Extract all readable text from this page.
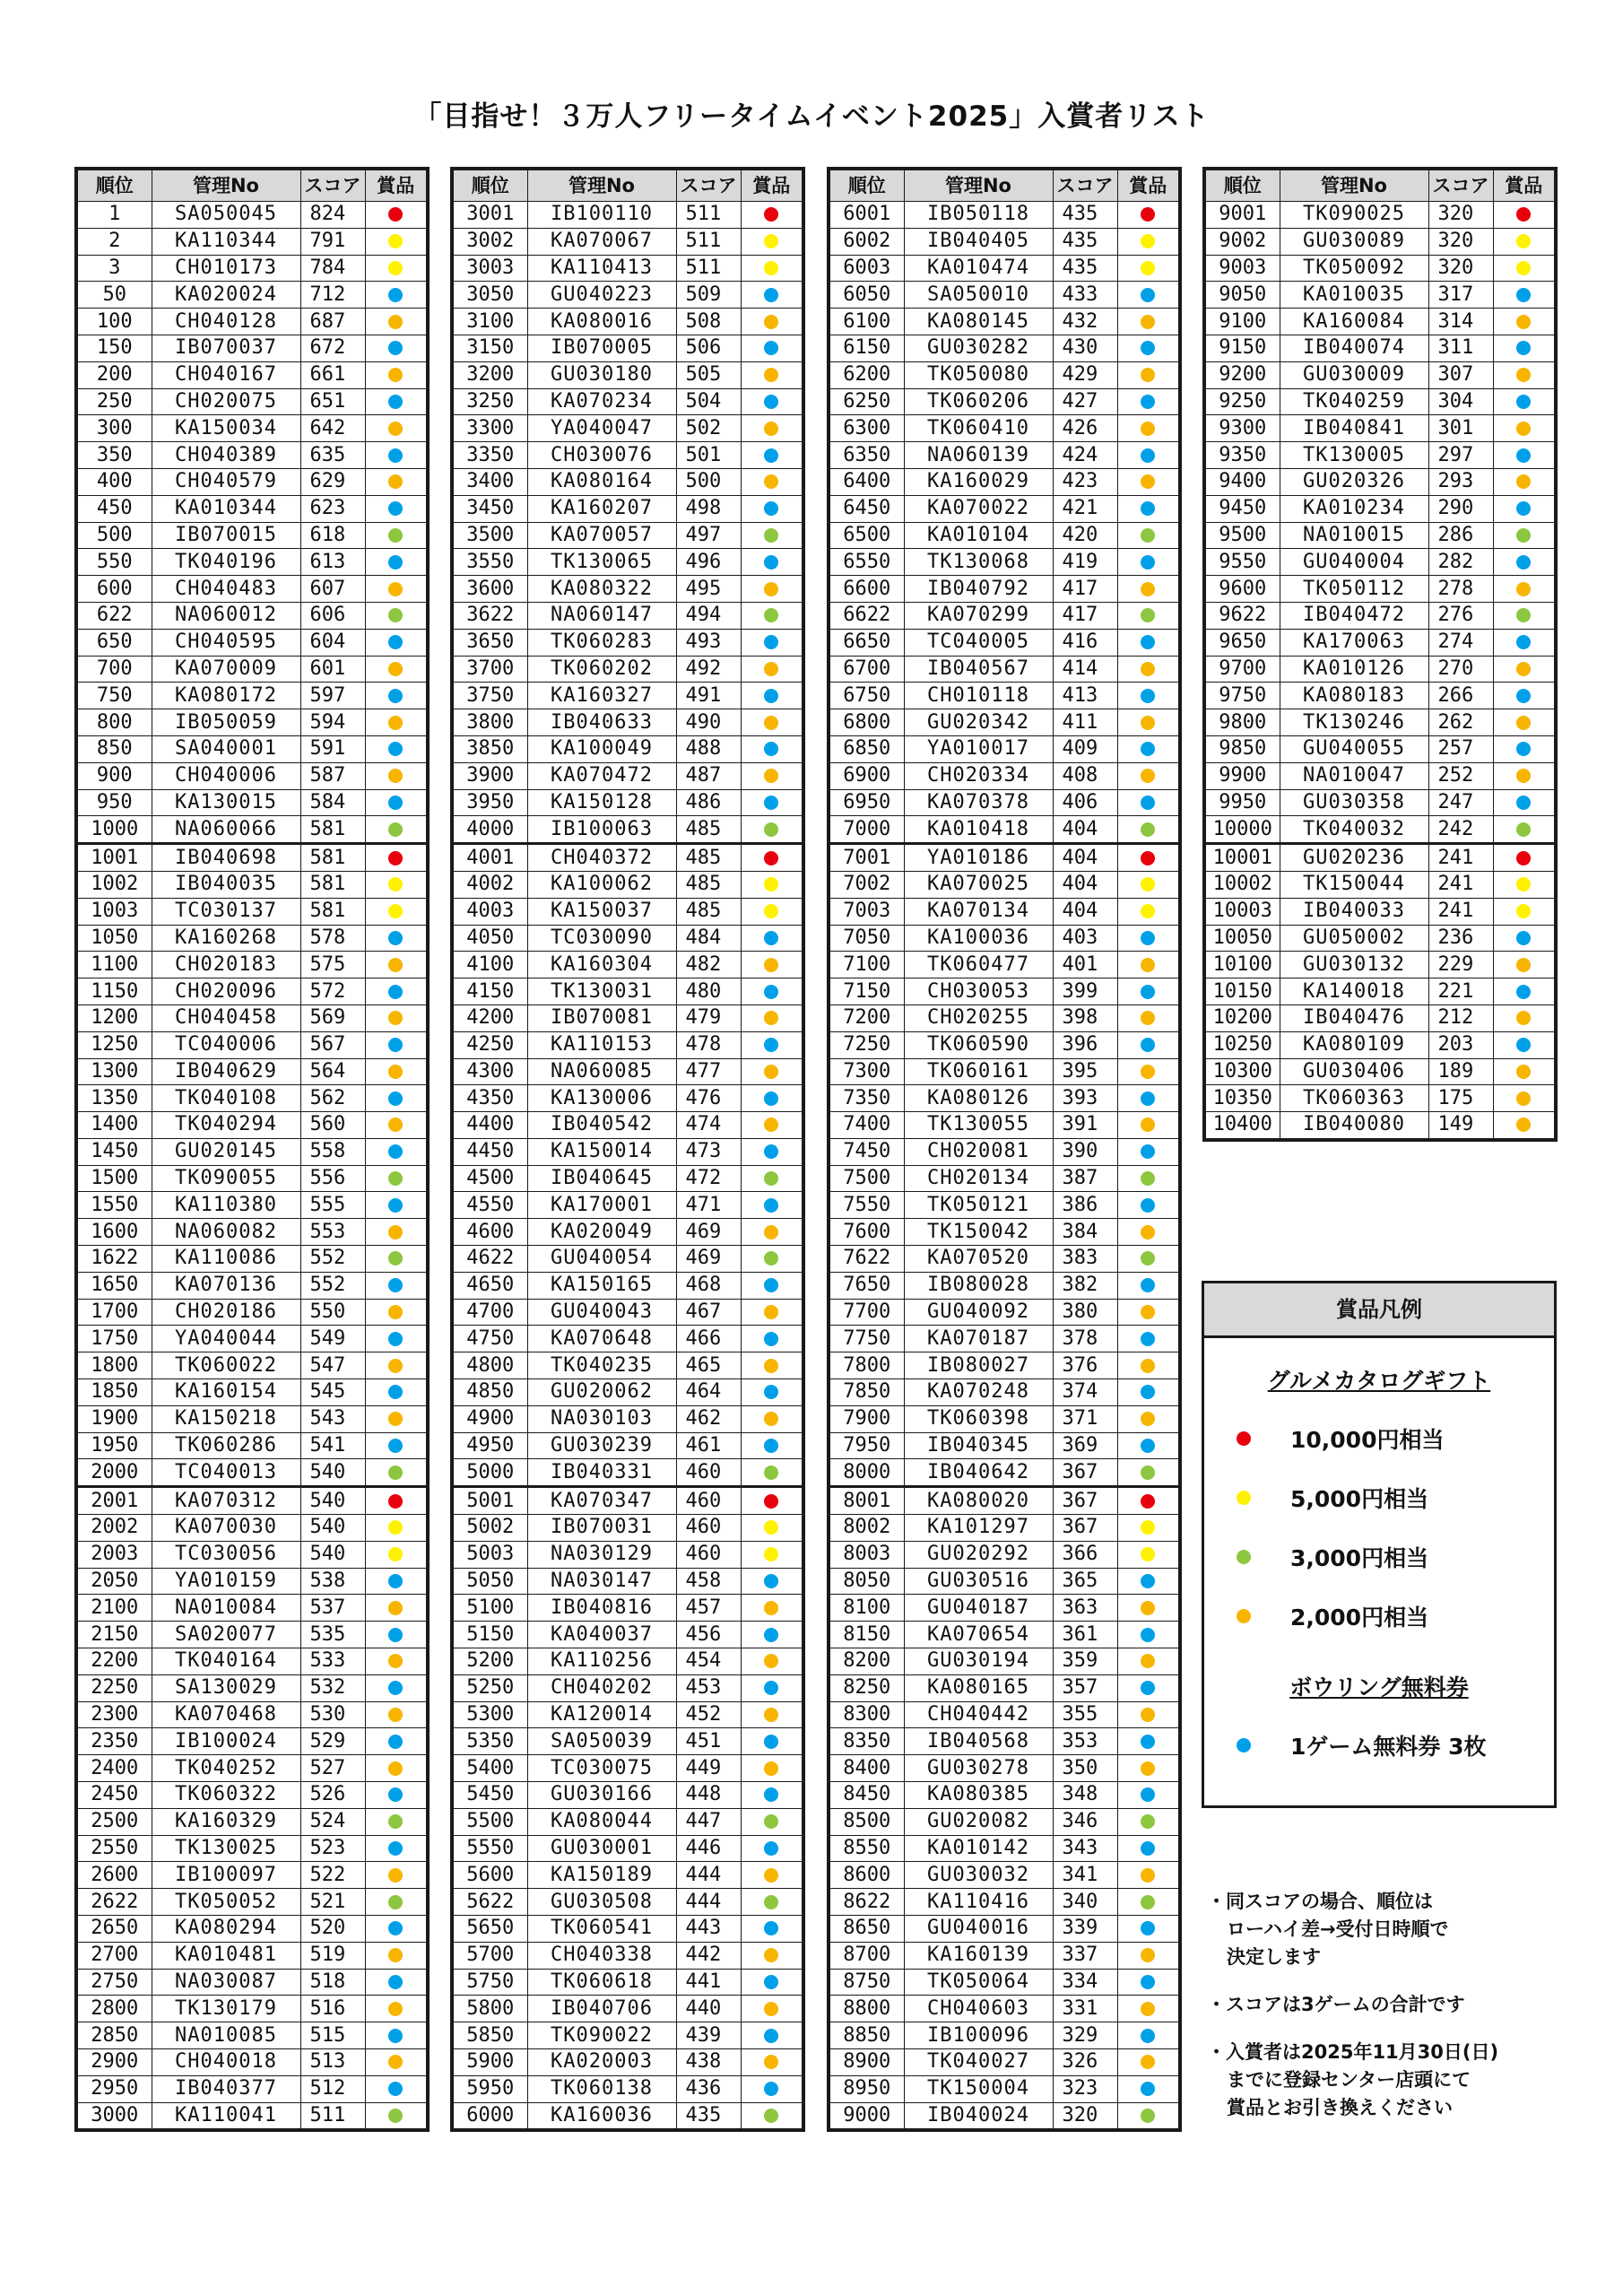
「目指せ！３万人フリータイムイベント2025」入賞者リスト
順位	管理No	スコア	賞品
1	SA050045	824	
2	KA110344	791	
3	CH010173	784	
50	KA020024	712	
100	CH040128	687	
150	IB070037	672	
200	CH040167	661	
250	CH020075	651	
300	KA150034	642	
350	CH040389	635	
400	CH040579	629	
450	KA010344	623	
500	IB070015	618	
550	TK040196	613	
600	CH040483	607	
622	NA060012	606	
650	CH040595	604	
700	KA070009	601	
750	KA080172	597	
800	IB050059	594	
850	SA040001	591	
900	CH040006	587	
950	KA130015	584	
1000	NA060066	581	
1001	IB040698	581	
1002	IB040035	581	
1003	TC030137	581	
1050	KA160268	578	
1100	CH020183	575	
1150	CH020096	572	
1200	CH040458	569	
1250	TC040006	567	
1300	IB040629	564	
1350	TK040108	562	
1400	TK040294	560	
1450	GU020145	558	
1500	TK090055	556	
1550	KA110380	555	
1600	NA060082	553	
1622	KA110086	552	
1650	KA070136	552	
1700	CH020186	550	
1750	YA040044	549	
1800	TK060022	547	
1850	KA160154	545	
1900	KA150218	543	
1950	TK060286	541	
2000	TC040013	540	
2001	KA070312	540	
2002	KA070030	540	
2003	TC030056	540	
2050	YA010159	538	
2100	NA010084	537	
2150	SA020077	535	
2200	TK040164	533	
2250	SA130029	532	
2300	KA070468	530	
2350	IB100024	529	
2400	TK040252	527	
2450	TK060322	526	
2500	KA160329	524	
2550	TK130025	523	
2600	IB100097	522	
2622	TK050052	521	
2650	KA080294	520	
2700	KA010481	519	
2750	NA030087	518	
2800	TK130179	516	
2850	NA010085	515	
2900	CH040018	513	
2950	IB040377	512	
3000	KA110041	511	
順位	管理No	スコア	賞品
3001	IB100110	511	
3002	KA070067	511	
3003	KA110413	511	
3050	GU040223	509	
3100	KA080016	508	
3150	IB070005	506	
3200	GU030180	505	
3250	KA070234	504	
3300	YA040047	502	
3350	CH030076	501	
3400	KA080164	500	
3450	KA160207	498	
3500	KA070057	497	
3550	TK130065	496	
3600	KA080322	495	
3622	NA060147	494	
3650	TK060283	493	
3700	TK060202	492	
3750	KA160327	491	
3800	IB040633	490	
3850	KA100049	488	
3900	KA070472	487	
3950	KA150128	486	
4000	IB100063	485	
4001	CH040372	485	
4002	KA100062	485	
4003	KA150037	485	
4050	TC030090	484	
4100	KA160304	482	
4150	TK130031	480	
4200	IB070081	479	
4250	KA110153	478	
4300	NA060085	477	
4350	KA130006	476	
4400	IB040542	474	
4450	KA150014	473	
4500	IB040645	472	
4550	KA170001	471	
4600	KA020049	469	
4622	GU040054	469	
4650	KA150165	468	
4700	GU040043	467	
4750	KA070648	466	
4800	TK040235	465	
4850	GU020062	464	
4900	NA030103	462	
4950	GU030239	461	
5000	IB040331	460	
5001	KA070347	460	
5002	IB070031	460	
5003	NA030129	460	
5050	NA030147	458	
5100	IB040816	457	
5150	KA040037	456	
5200	KA110256	454	
5250	CH040202	453	
5300	KA120014	452	
5350	SA050039	451	
5400	TC030075	449	
5450	GU030166	448	
5500	KA080044	447	
5550	GU030001	446	
5600	KA150189	444	
5622	GU030508	444	
5650	TK060541	443	
5700	CH040338	442	
5750	TK060618	441	
5800	IB040706	440	
5850	TK090022	439	
5900	KA020003	438	
5950	TK060138	436	
6000	KA160036	435	
順位	管理No	スコア	賞品
6001	IB050118	435	
6002	IB040405	435	
6003	KA010474	435	
6050	SA050010	433	
6100	KA080145	432	
6150	GU030282	430	
6200	TK050080	429	
6250	TK060206	427	
6300	TK060410	426	
6350	NA060139	424	
6400	KA160029	423	
6450	KA070022	421	
6500	KA010104	420	
6550	TK130068	419	
6600	IB040792	417	
6622	KA070299	417	
6650	TC040005	416	
6700	IB040567	414	
6750	CH010118	413	
6800	GU020342	411	
6850	YA010017	409	
6900	CH020334	408	
6950	KA070378	406	
7000	KA010418	404	
7001	YA010186	404	
7002	KA070025	404	
7003	KA070134	404	
7050	KA100036	403	
7100	TK060477	401	
7150	CH030053	399	
7200	CH020255	398	
7250	TK060590	396	
7300	TK060161	395	
7350	KA080126	393	
7400	TK130055	391	
7450	CH020081	390	
7500	CH020134	387	
7550	TK050121	386	
7600	TK150042	384	
7622	KA070520	383	
7650	IB080028	382	
7700	GU040092	380	
7750	KA070187	378	
7800	IB080027	376	
7850	KA070248	374	
7900	TK060398	371	
7950	IB040345	369	
8000	IB040642	367	
8001	KA080020	367	
8002	KA101297	367	
8003	GU020292	366	
8050	GU030516	365	
8100	GU040187	363	
8150	KA070654	361	
8200	GU030194	359	
8250	KA080165	357	
8300	CH040442	355	
8350	IB040568	353	
8400	GU030278	350	
8450	KA080385	348	
8500	GU020082	346	
8550	KA010142	343	
8600	GU030032	341	
8622	KA110416	340	
8650	GU040016	339	
8700	KA160139	337	
8750	TK050064	334	
8800	CH040603	331	
8850	IB100096	329	
8900	TK040027	326	
8950	TK150004	323	
9000	IB040024	320	
順位	管理No	スコア	賞品
9001	TK090025	320	
9002	GU030089	320	
9003	TK050092	320	
9050	KA010035	317	
9100	KA160084	314	
9150	IB040074	311	
9200	GU030009	307	
9250	TK040259	304	
9300	IB040841	301	
9350	TK130005	297	
9400	GU020326	293	
9450	KA010234	290	
9500	NA010015	286	
9550	GU040004	282	
9600	TK050112	278	
9622	IB040472	276	
9650	KA170063	274	
9700	KA010126	270	
9750	KA080183	266	
9800	TK130246	262	
9850	GU040055	257	
9900	NA010047	252	
9950	GU030358	247	
10000	TK040032	242	
10001	GU020236	241	
10002	TK150044	241	
10003	IB040033	241	
10050	GU050002	236	
10100	GU030132	229	
10150	KA140018	221	
10200	IB040476	212	
10250	KA080109	203	
10300	GU030406	189	
10350	TK060363	175	
10400	IB040080	149	
賞品凡例
グルメカタログギフト
10,000円相当
5,000円相当
3,000円相当
2,000円相当
ボウリング無料券
1ゲーム無料券 3枚
・同スコアの場合、順位は
ローハイ差→受付日時順で
決定します
・スコアは3ゲームの合計です
・入賞者は2025年11月30日(日)
までに登録センター店頭にて
賞品とお引き換えください
